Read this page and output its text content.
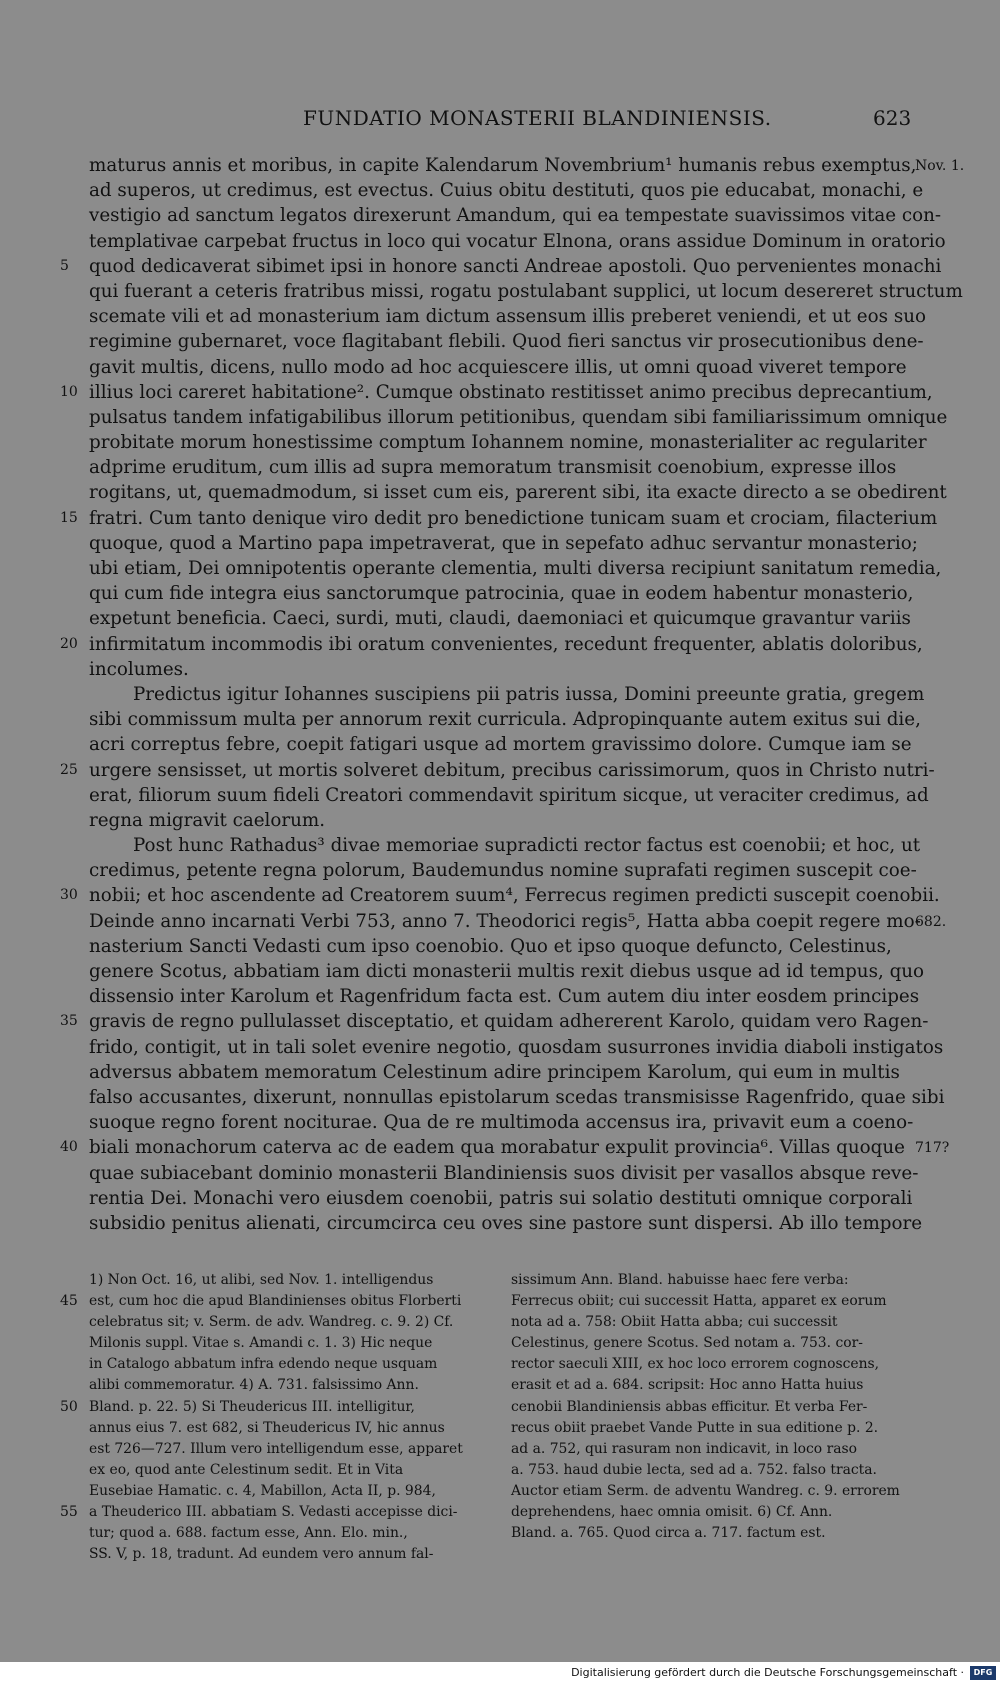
FUNDATIO MONASTERII BLANDINIENSIS.	623
maturus annis et moribus, in capite Kalendarum Novembrium¹ humanis rebus exemptus,
Nov. 1.
ad superos, ut credimus, est evectus. Cuius obitu destituti, quos pie educabat, monachi, e
vestigio ad sanctum legatos direxerunt Amandum, qui ea tempestate suavissimos vitae con-
templativae carpebat fructus in loco qui vocatur Elnona, orans assidue Dominum in oratorio
quod dedicaverat sibimet ipsi in honore sancti Andreae apostoli. Quo pervenientes monachi
5
qui fuerant a ceteris fratribus missi, rogatu postulabant supplici, ut locum desereret structum
scemate vili et ad monasterium iam dictum assensum illis preberet veniendi, et ut eos suo
regimine gubernaret, voce flagitabant flebili. Quod fieri sanctus vir prosecutionibus dene-
gavit multis, dicens, nullo modo ad hoc acquiescere illis, ut omni quoad viveret tempore
illius loci careret habitatione². Cumque obstinato restitisset animo precibus deprecantium,
10
pulsatus tandem infatigabilibus illorum petitionibus, quendam sibi familiarissimum omnique
probitate morum honestissime comptum Iohannem nomine, monasterialiter ac regulariter
adprime eruditum, cum illis ad supra memoratum transmisit coenobium, expresse illos
rogitans, ut, quemadmodum, si isset cum eis, parerent sibi, ita exacte directo a se obedirent
fratri. Cum tanto denique viro dedit pro benedictione tunicam suam et crociam, filacterium
15
quoque, quod a Martino papa impetraverat, que in sepefato adhuc servantur monasterio;
ubi etiam, Dei omnipotentis operante clementia, multi diversa recipiunt sanitatum remedia,
qui cum fide integra eius sanctorumque patrocinia, quae in eodem habentur monasterio,
expetunt beneficia. Caeci, surdi, muti, claudi, daemoniaci et quicumque gravantur variis
infirmitatum incommodis ibi oratum convenientes, recedunt frequenter, ablatis doloribus,
20
incolumes.
Predictus igitur Iohannes suscipiens pii patris iussa, Domini preeunte gratia, gregem
sibi commissum multa per annorum rexit curricula. Adpropinquante autem exitus sui die,
acri correptus febre, coepit fatigari usque ad mortem gravissimo dolore. Cumque iam se
urgere sensisset, ut mortis solveret debitum, precibus carissimorum, quos in Christo nutri-
25
erat, filiorum suum fideli Creatori commendavit spiritum sicque, ut veraciter credimus, ad
regna migravit caelorum.
Post hunc Rathadus³ divae memoriae supradicti rector factus est coenobii; et hoc, ut
credimus, petente regna polorum, Baudemundus nomine suprafati regimen suscepit coe-
nobii; et hoc ascendente ad Creatorem suum⁴, Ferrecus regimen predicti suscepit coenobii.
30
Deinde anno incarnati Verbi 753, anno 7. Theodorici regis⁵, Hatta abba coepit regere mo-
682.
nasterium Sancti Vedasti cum ipso coenobio. Quo et ipso quoque defuncto, Celestinus,
genere Scotus, abbatiam iam dicti monasterii multis rexit diebus usque ad id tempus, quo
dissensio inter Karolum et Ragenfridum facta est. Cum autem diu inter eosdem principes
gravis de regno pullulasset disceptatio, et quidam adhererent Karolo, quidam vero Ragen-
35
frido, contigit, ut in tali solet evenire negotio, quosdam susurrones invidia diaboli instigatos
adversus abbatem memoratum Celestinum adire principem Karolum, qui eum in multis
falso accusantes, dixerunt, nonnullas epistolarum scedas transmisisse Ragenfrido, quae sibi
suoque regno forent nociturae. Qua de re multimoda accensus ira, privavit eum a coeno-
biali monachorum caterva ac de eadem qua morabatur expulit provincia⁶. Villas quoque
40	717?
quae subiacebant dominio monasterii Blandiniensis suos divisit per vasallos absque reve-
rentia Dei. Monachi vero eiusdem coenobii, patris sui solatio destituti omnique corporali
subsidio penitus alienati, circumcirca ceu oves sine pastore sunt dispersi. Ab illo tempore
1) Non Oct. 16, ut alibi, sed Nov. 1. intelligendus
est, cum hoc die apud Blandinienses obitus Florberti
45
celebratus sit; v. Serm. de adv. Wandreg. c. 9. 2) Cf.
Milonis suppl. Vitae s. Amandi c. 1. 3) Hic neque
in Catalogo abbatum infra edendo neque usquam
alibi commemoratur. 4) A. 731. falsissimo Ann.
Bland. p. 22. 5) Si Theudericus III. intelligitur,
50
annus eius 7. est 682, si Theudericus IV, hic annus
est 726—727. Illum vero intelligendum esse, apparet
ex eo, quod ante Celestinum sedit. Et in Vita
Eusebiae Hamatic. c. 4, Mabillon, Acta II, p. 984,
a Theuderico III. abbatiam S. Vedasti accepisse dici-
55
tur; quod a. 688. factum esse, Ann. Elo. min.,
SS. V, p. 18, tradunt. Ad eundem vero annum fal-
sissimum Ann. Bland. habuisse haec fere verba:
Ferrecus obiit; cui successit Hatta, apparet ex eorum
nota ad a. 758: Obiit Hatta abba; cui successit
Celestinus, genere Scotus. Sed notam a. 753. cor-
rector saeculi XIII, ex hoc loco errorem cognoscens,
erasit et ad a. 684. scripsit: Hoc anno Hatta huius
cenobii Blandiniensis abbas efficitur. Et verba Fer-
recus obiit praebet Vande Putte in sua editione p. 2.
ad a. 752, qui rasuram non indicavit, in loco raso
a. 753. haud dubie lecta, sed ad a. 752. falso tracta.
Auctor etiam Serm. de adventu Wandreg. c. 9. errorem
deprehendens, haec omnia omisit. 6) Cf. Ann.
Bland. a. 765. Quod circa a. 717. factum est.
Digitalisierung gefördert durch die Deutsche Forschungsgemeinschaft ·	DFG
